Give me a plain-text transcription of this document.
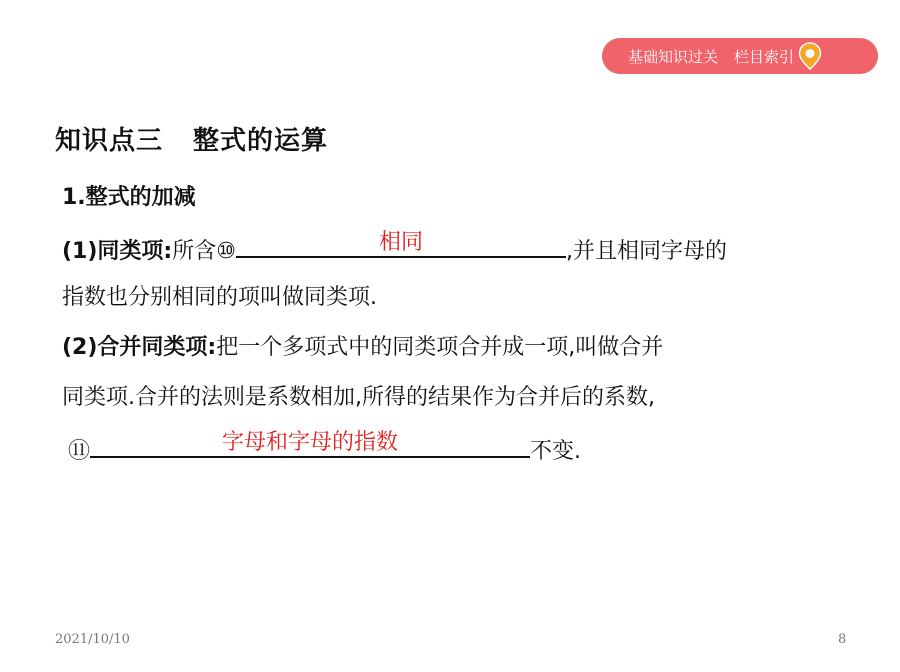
基础知识过关 栏目索引
知识点三 整式的运算
1.整式的加减
(1)同类项:所含⑩	相同	,并且相同字母的
指数也分别相同的项叫做同类项.
(2)合并同类项:把一个多项式中的同类项合并成一项,叫做合并
同类项.合并的法则是系数相加,所得的结果作为合并后的系数,
⑪	字母和字母的指数	不变.
2021/10/10	8
